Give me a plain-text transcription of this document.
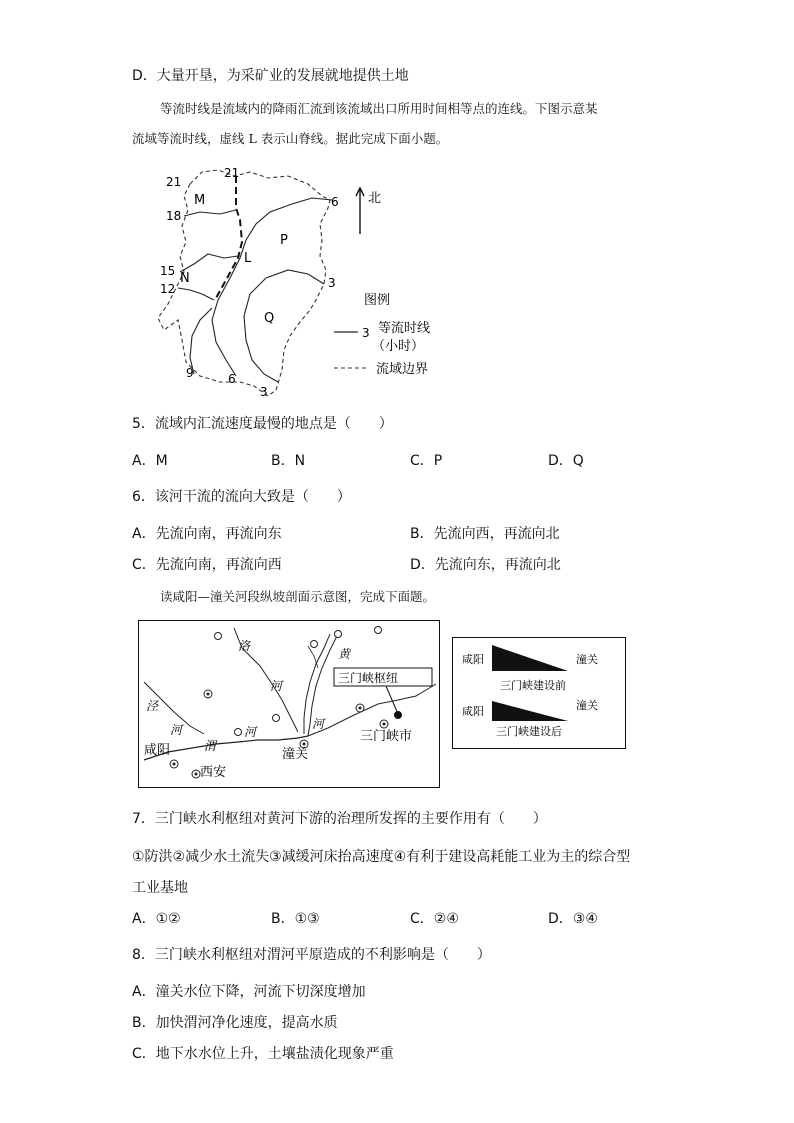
D．大量开垦，为采矿业的发展就地提供土地
等流时线是流域内的降雨汇流到该流域出口所用时间相等点的连线。下图示意某
流域等流时线，虚线 L 表示山脊线。据此完成下面小题。
21
21
18
15
12
9	6
6
3
3
M
N
P
Q
L
北
图例
3 等流时线
（小时）
流域边界
5．流域内汇流速度最慢的地点是（　　）
A．M	B．N	C．P	D．Q
6．该河干流的流向大致是（　　）
A．先流向南，再流向东	B．先流向西，再流向北
C．先流向南，再流向西	D．先流向东，再流向北
读咸阳—潼关河段纵坡剖面示意图，完成下面题。
洛
河
黄
河
泾
河
渭
河
三门峡枢纽
咸阳
西安
潼关
三门峡市
咸阳	潼关
三门峡建设前
咸阳	潼关
三门峡建设后
7．三门峡水利枢纽对黄河下游的治理所发挥的主要作用有（　　）
①防洪②减少水土流失③减缓河床抬高速度④有利于建设高耗能工业为主的综合型
工业基地
A．①②	B．①③	C．②④	D．③④
8．三门峡水利枢纽对渭河平原造成的不利影响是（　　）
A．潼关水位下降，河流下切深度增加
B．加快渭河净化速度，提高水质
C．地下水水位上升，土壤盐渍化现象严重
